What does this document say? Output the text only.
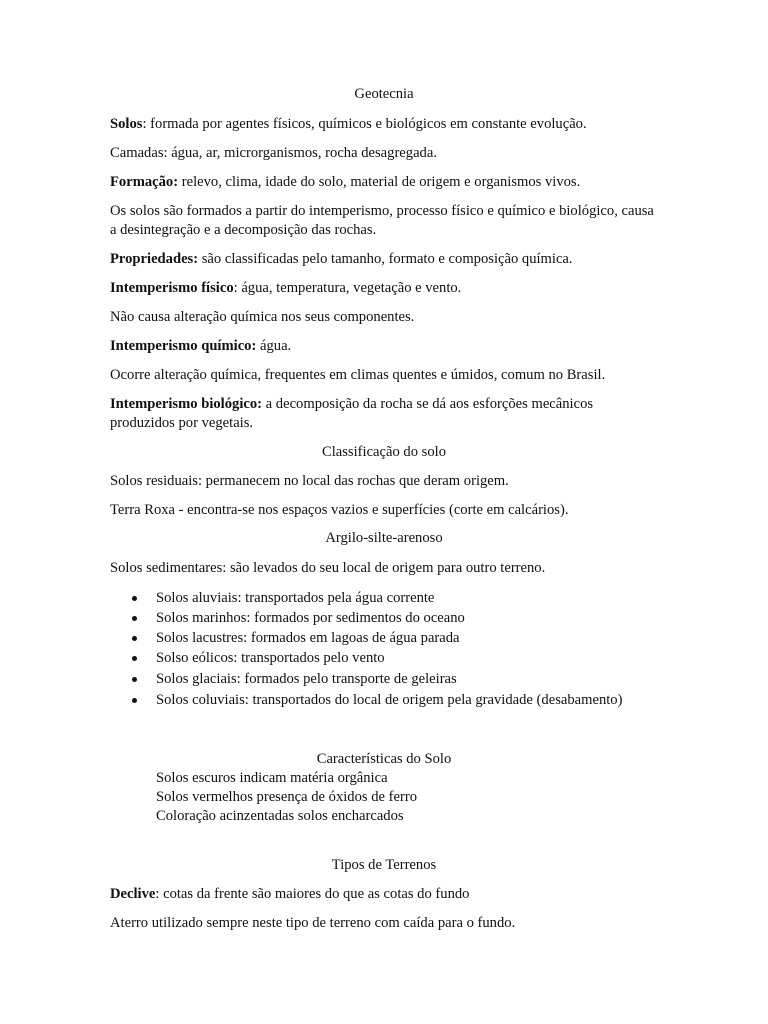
Geotecnia

Solos: formada por agentes físicos, químicos e biológicos em constante evolução.

Camadas: água, ar, microrganismos, rocha desagregada.

Formação: relevo, clima, idade do solo, material de origem e organismos vivos.

Os solos são formados a partir do intemperismo, processo físico e químico e biológico, causa a desintegração e a decomposição das rochas.

Propriedades: são classificadas pelo tamanho, formato e composição química.

Intemperismo físico: água, temperatura, vegetação e vento.

Não causa alteração química nos seus componentes.

Intemperismo químico: água.

Ocorre alteração química, frequentes em climas quentes e úmidos, comum no Brasil.

Intemperismo biológico: a decomposição da rocha se dá aos esforções mecânicos produzidos por vegetais.

Classificação do solo

Solos residuais: permanecem no local das rochas que deram origem.

Terra Roxa - encontra-se nos espaços vazios e superfícies (corte em calcários).

Argilo-silte-arenoso

Solos sedimentares: são levados do seu local de origem para outro terreno.

Solos aluviais: transportados pela água corrente

Solos marinhos: formados por sedimentos do oceano

Solos lacustres: formados em lagoas de água parada

Solso eólicos: transportados pelo vento

Solos glaciais: formados pelo transporte de geleiras

Solos coluviais: transportados do local de origem pela gravidade (desabamento)

Características do Solo

Solos escuros indicam matéria orgânica

Solos vermelhos presença de óxidos de ferro

Coloração acinzentadas solos encharcados

Tipos de Terrenos

Declive: cotas da frente são maiores do que as cotas do fundo

Aterro utilizado sempre neste tipo de terreno com caída para o fundo.
